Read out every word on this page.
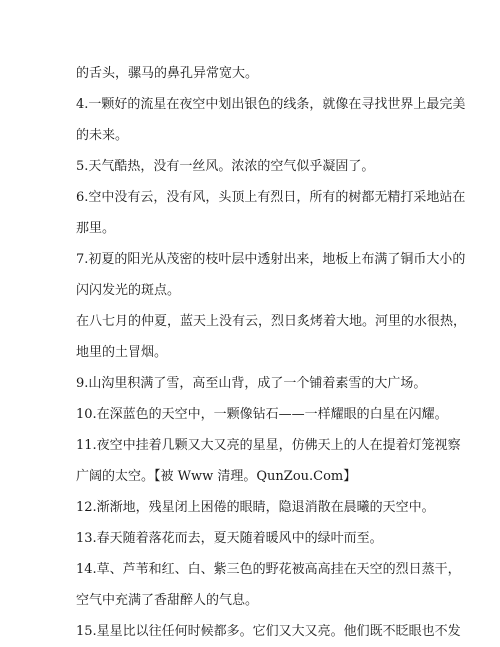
的舌头，骡马的鼻孔异常宽大。
4.一颗好的流星在夜空中划出银色的线条，就像在寻找世界上最完美
的未来。
5.天气酷热，没有一丝风。浓浓的空气似乎凝固了。
6.空中没有云，没有风，头顶上有烈日，所有的树都无精打采地站在
那里。
7.初夏的阳光从茂密的枝叶层中透射出来，地板上布满了铜币大小的
闪闪发光的斑点。
在八七月的仲夏，蓝天上没有云，烈日炙烤着大地。河里的水很热，
地里的土冒烟。
9.山沟里积满了雪，高至山背，成了一个铺着素雪的大广场。
10.在深蓝色的天空中，一颗像钻石——一样耀眼的白星在闪耀。
11.夜空中挂着几颗又大又亮的星星，仿佛天上的人在提着灯笼视察
广阔的太空。【被 Www 清理。QunZou.Com】
12.渐渐地，残星闭上困倦的眼睛，隐退消散在晨曦的天空中。
13.春天随着落花而去，夏天随着暖风中的绿叶而至。
14.草、芦苇和红、白、紫三色的野花被高高挂在天空的烈日蒸干，
空气中充满了香甜醉人的气息。
15.星星比以往任何时候都多。它们又大又亮。他们既不眨眼也不发
